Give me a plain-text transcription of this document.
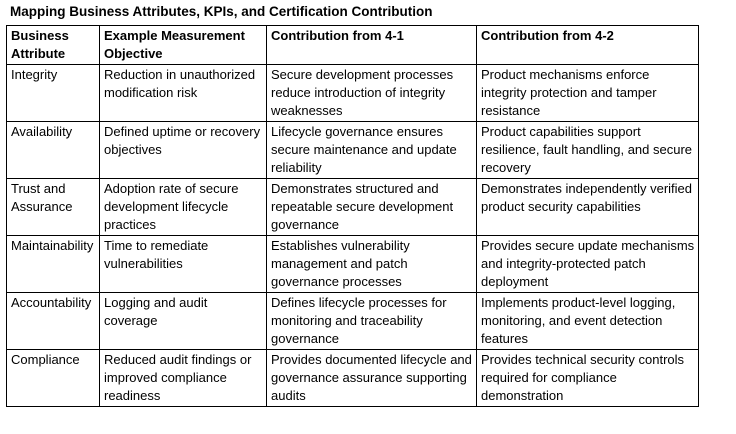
Mapping Business Attributes, KPIs, and Certification Contribution
Business Attribute	Example Measurement Objective	Contribution from 4-1	Contribution from 4-2
Integrity	Reduction in unauthorized modification risk	Secure development processes reduce introduction of integrity weaknesses	Product mechanisms enforce integrity protection and tamper resistance
Availability	Defined uptime or recovery objectives	Lifecycle governance ensures secure maintenance and update reliability	Product capabilities support resilience, fault handling, and secure recovery
Trust and Assurance	Adoption rate of secure development lifecycle practices	Demonstrates structured and repeatable secure development governance	Demonstrates independently verified product security capabilities
Maintainability	Time to remediate vulnerabilities	Establishes vulnerability management and patch governance processes	Provides secure update mechanisms and integrity-protected patch deployment
Accountability	Logging and audit coverage	Defines lifecycle processes for monitoring and traceability governance	Implements product-level logging, monitoring, and event detection features
Compliance	Reduced audit findings or improved compliance readiness	Provides documented lifecycle and governance assurance supporting audits	Provides technical security controls required for compliance demonstration
